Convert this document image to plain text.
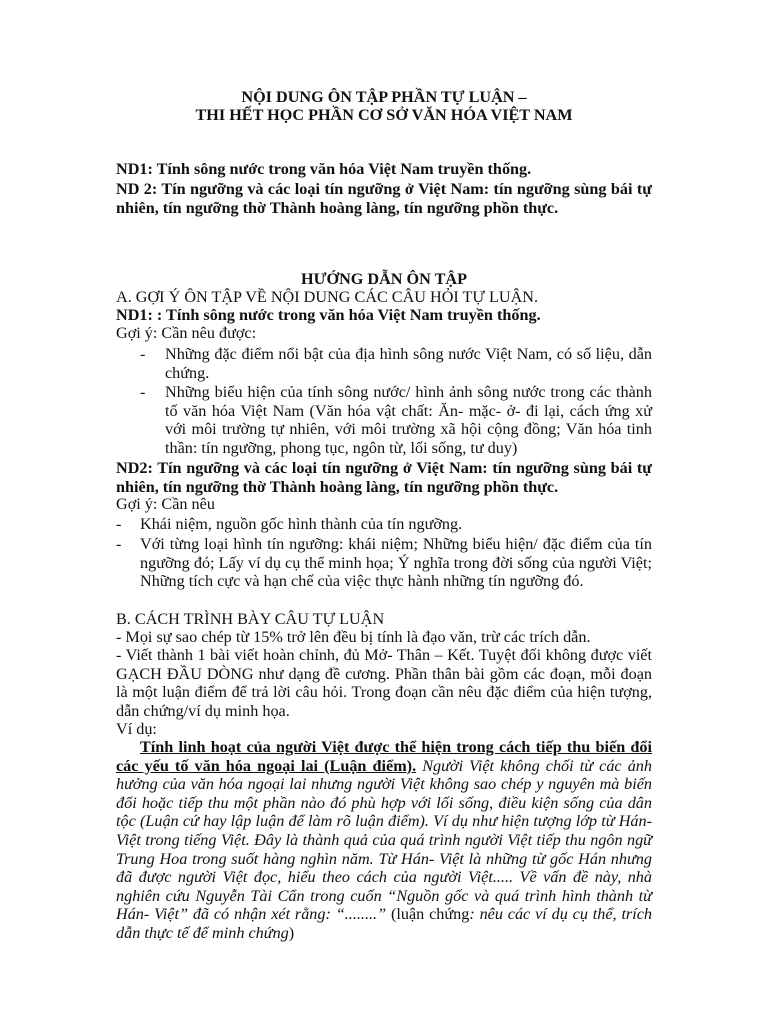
NỘI DUNG ÔN TẬP PHẦN TỰ LUẬN –
THI HẾT HỌC PHẦN CƠ SỞ VĂN HÓA VIỆT NAM
ND1: Tính sông nước trong văn hóa Việt Nam truyền thống.
ND 2: Tín ngưỡng và các loại tín ngưỡng ở Việt Nam: tín ngưỡng sùng bái tự nhiên, tín ngưỡng thờ Thành hoàng làng, tín ngưỡng phồn thực.
HƯỚNG DẪN ÔN TẬP
A. GỢI Ý ÔN TẬP VỀ NỘI DUNG CÁC CÂU HỎI TỰ LUẬN.
ND1: : Tính sông nước trong văn hóa Việt Nam truyền thống.
Gợi ý: Cần nêu được:
- Những đặc điểm nổi bật của địa hình sông nước Việt Nam, có số liệu, dẫn chứng.
- Những biểu hiện của tính sông nước/ hình ảnh sông nước trong các thành tố văn hóa Việt Nam (Văn hóa vật chất: Ăn- mặc- ở- đi lại, cách ứng xử với môi trường tự nhiên, với môi trường xã hội cộng đồng; Văn hóa tinh thần: tín ngưỡng, phong tục, ngôn từ, lối sống, tư duy)
ND2: Tín ngưỡng và các loại tín ngưỡng ở Việt Nam: tín ngưỡng sùng bái tự nhiên, tín ngưỡng thờ Thành hoàng làng, tín ngưỡng phồn thực.
Gợi ý: Cần nêu
- Khái niệm, nguồn gốc hình thành của tín ngưỡng.
- Với từng loại hình tín ngưỡng: khái niệm; Những biểu hiện/ đặc điểm của tín ngưỡng đó; Lấy ví dụ cụ thể minh họa; Ý nghĩa trong đời sống của người Việt; Những tích cực và hạn chế của việc thực hành những tín ngưỡng đó.
B. CÁCH TRÌNH BÀY CÂU TỰ LUẬN
- Mọi sự sao chép từ 15% trở lên đều bị tính là đạo văn, trừ các trích dẫn.
- Viết thành 1 bài viết hoàn chỉnh, đủ Mở- Thân – Kết. Tuyệt đối không được viết GẠCH ĐẦU DÒNG như dạng đề cương. Phần thân bài gồm các đoạn, mỗi đoạn là một luận điểm để trả lời câu hỏi. Trong đoạn cần nêu đặc điểm của hiện tượng, dẫn chứng/ví dụ minh họa.
Ví dụ:
Tính linh hoạt của người Việt được thể hiện trong cách tiếp thu biến đổi các yếu tố văn hóa ngoại lai (Luận điểm). Người Việt không chối từ các ảnh hưởng của văn hóa ngoại lai nhưng người Việt không sao chép y nguyên mà biến đổi hoặc tiếp thu một phần nào đó phù hợp với lối sống, điều kiện sống của dân tộc (Luận cứ hay lập luận để làm rõ luận điểm). Ví dụ như hiện tượng lớp từ Hán- Việt trong tiếng Việt. Đây là thành quả của quá trình người Việt tiếp thu ngôn ngữ Trung Hoa trong suốt hàng nghìn năm. Từ Hán- Việt là những từ gốc Hán nhưng đã được người Việt đọc, hiểu theo cách của người Việt..... Về vấn đề này, nhà nghiên cứu Nguyễn Tài Cẩn trong cuốn “Nguồn gốc và quá trình hình thành từ Hán- Việt” đã có nhận xét rằng: “........” (luận chứng: nêu các ví dụ cụ thể, trích dẫn thực tế để minh chứng)
